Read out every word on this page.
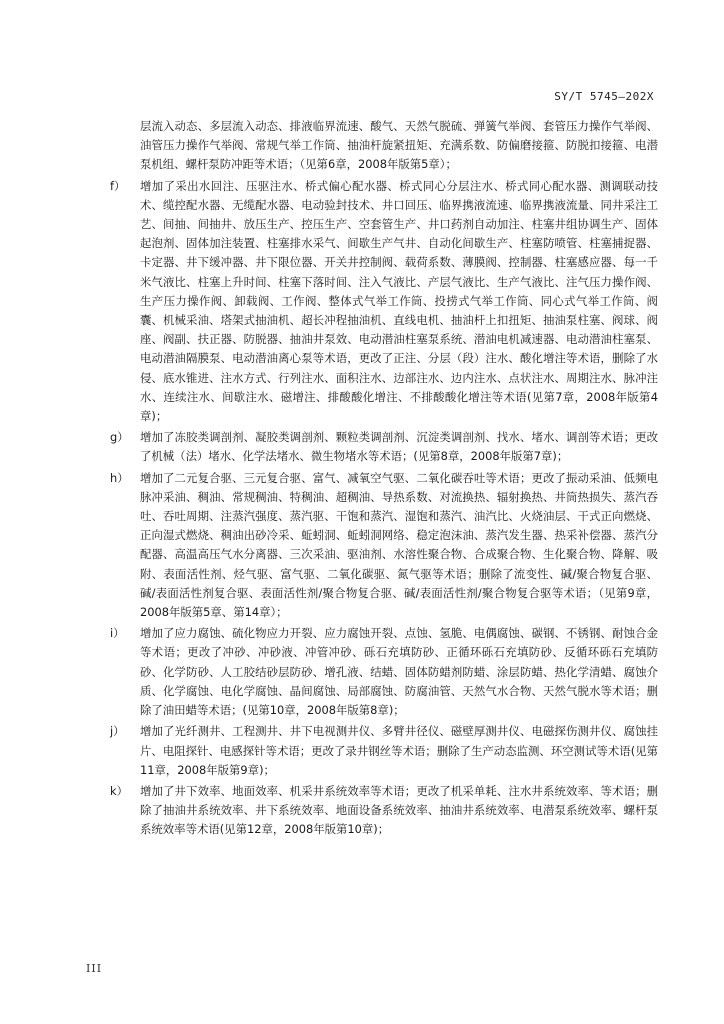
SY/T 5745—202X
层流入动态、多层流入动态、排液临界流速、酸气、天然气脱硫、弹簧气举阀、套管压力操作气举阀、油管压力操作气举阀、常规气举工作筒、抽油杆旋紧扭矩、充满系数、防偏磨接箍、防脱扣接箍、电潜泵机组、螺杆泵防冲距等术语；（见第6章，2008年版第5章）；
f）	增加了采出水回注、压驱注水、桥式偏心配水器、桥式同心分层注水、桥式同心配水器、测调联动技术、缆控配水器、无缆配水器、电动验封技术、井口回压、临界携液流速、临界携液流量、同井采注工艺、间抽、间抽井、放压生产、控压生产、空套管生产、井口药剂自动加注、柱塞井组协调生产、固体起泡剂、固体加注装置、柱塞排水采气、间歇生产气井、自动化间歇生产、柱塞防喷管、柱塞捕捉器、卡定器、井下缓冲器、井下限位器、开关井控制阀、载荷系数、薄膜阀、控制器、柱塞感应器、每一千米气液比、柱塞上升时间、柱塞下落时间、注入气液比、产层气液比、生产气液比、注气压力操作阀、生产压力操作阀、卸载阀、工作阀、整体式气举工作筒、投捞式气举工作筒、同心式气举工作筒、阀囊、机械采油、塔架式抽油机、超长冲程抽油机、直线电机、抽油杆上扣扭矩、抽油泵柱塞、阀球、阀座、阀副、扶正器、防脱器、抽油井泵效、电动潜油柱塞泵系统、潜油电机减速器、电动潜油柱塞泵、电动潜油隔膜泵、电动潜油离心泵等术语，更改了正注、分层（段）注水、酸化增注等术语，删除了水侵、底水锥进、注水方式、行列注水、面积注水、边部注水、边内注水、点状注水、周期注水、脉冲注水、连续注水、间歇注水、磁增注、排酸酸化增注、不排酸酸化增注等术语(见第7章，2008年版第4章)；
g） 增加了冻胶类调剖剂、凝胶类调剖剂、颗粒类调剖剂、沉淀类调剖剂、找水、堵水、调剖等术语；更改了机械（法）堵水、化学法堵水、微生物堵水等术语；(见第8章，2008年版第7章)；
h） 增加了二元复合驱、三元复合驱、富气、减氧空气驱、二氧化碳吞吐等术语；更改了振动采油、低频电脉冲采油、稠油、常规稠油、特稠油、超稠油、导热系数、对流换热、辐射换热、井筒热损失、蒸汽吞吐、吞吐周期、注蒸汽强度、蒸汽驱、干饱和蒸汽、湿饱和蒸汽、油汽比、火烧油层、干式正向燃烧、正向湿式燃烧、稠油出砂冷采、蚯蚓洞、蚯蚓洞网络、稳定泡沫油、蒸汽发生器、热采补偿器、蒸汽分配器、高温高压气水分离器、三次采油、驱油剂、水溶性聚合物、合成聚合物、生化聚合物、降解、吸附、表面活性剂、烃气驱、富气驱、二氧化碳驱、氮气驱等术语；删除了流变性、碱/聚合物复合驱、碱/表面活性剂复合驱、表面活性剂/聚合物复合驱、碱/表面活性剂/聚合物复合驱等术语；（见第9章，2008年版第5章、第14章）；
i）	增加了应力腐蚀、硫化物应力开裂、应力腐蚀开裂、点蚀、氢脆、电偶腐蚀、碳钢、不锈钢、耐蚀合金等术语；更改了冲砂、冲砂液、冲管冲砂、砾石充填防砂、正循环砾石充填防砂、反循环砾石充填防砂、化学防砂、人工胶结砂层防砂、增孔液、结蜡、固体防蜡剂防蜡、涂层防蜡、热化学清蜡、腐蚀介质、化学腐蚀、电化学腐蚀、晶间腐蚀、局部腐蚀、防腐油管、天然气水合物、天然气脱水等术语；删除了油田蜡等术语；(见第10章，2008年版第8章)；
j）	增加了光纤测井、工程测井、井下电视测井仪、多臂井径仪、磁壁厚测井仪、电磁探伤测井仪、腐蚀挂片、电阻探针、电感探针等术语；更改了录井钢丝等术语；删除了生产动态监测、环空测试等术语(见第11章，2008年版第9章)；
k）	增加了井下效率、地面效率、机采井系统效率等术语；更改了机采单耗、注水井系统效率、等术语；删除了抽油井系统效率、井下系统效率、地面设备系统效率、抽油井系统效率、电潜泵系统效率、螺杆泵系统效率等术语(见第12章，2008年版第10章)；
III
